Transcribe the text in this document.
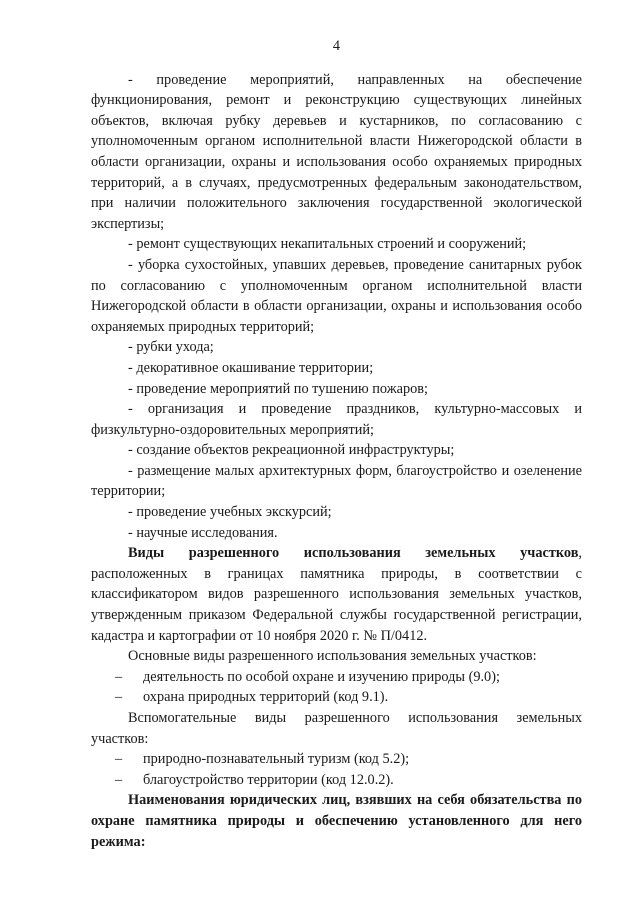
4

- проведение мероприятий, направленных на обеспечение функционирования, ремонт и реконструкцию существующих линейных объектов, включая рубку деревьев и кустарников, по согласованию с уполномоченным органом исполнительной власти Нижегородской области в области организации, охраны и использования особо охраняемых природных территорий, а в случаях, предусмотренных федеральным законодательством, при наличии положительного заключения государственной экологической экспертизы;

- ремонт существующих некапитальных строений и сооружений;

- уборка сухостойных, упавших деревьев, проведение санитарных рубок по согласованию с уполномоченным органом исполнительной власти Нижегородской области в области организации, охраны и использования особо охраняемых природных территорий;

- рубки ухода;

- декоративное окашивание территории;

- проведение мероприятий по тушению пожаров;

- организация и проведение праздников, культурно-массовых и физкультурно-оздоровительных мероприятий;

- создание объектов рекреационной инфраструктуры;

- размещение малых архитектурных форм, благоустройство и озеленение территории;

- проведение учебных экскурсий;

- научные исследования.

Виды разрешенного использования земельных участков, расположенных в границах памятника природы, в соответствии с классификатором видов разрешенного использования земельных участков, утвержденным приказом Федеральной службы государственной регистрации, кадастра и картографии от 10 ноября 2020 г. № П/0412.

Основные виды разрешенного использования земельных участков:

– деятельность по особой охране и изучению природы (9.0);

– охрана природных территорий (код 9.1).

Вспомогательные виды разрешенного использования земельных участков:

– природно-познавательный туризм (код 5.2);

– благоустройство территории (код 12.0.2).

Наименования юридических лиц, взявших на себя обязательства по охране памятника природы и обеспечению установленного для него режима:
